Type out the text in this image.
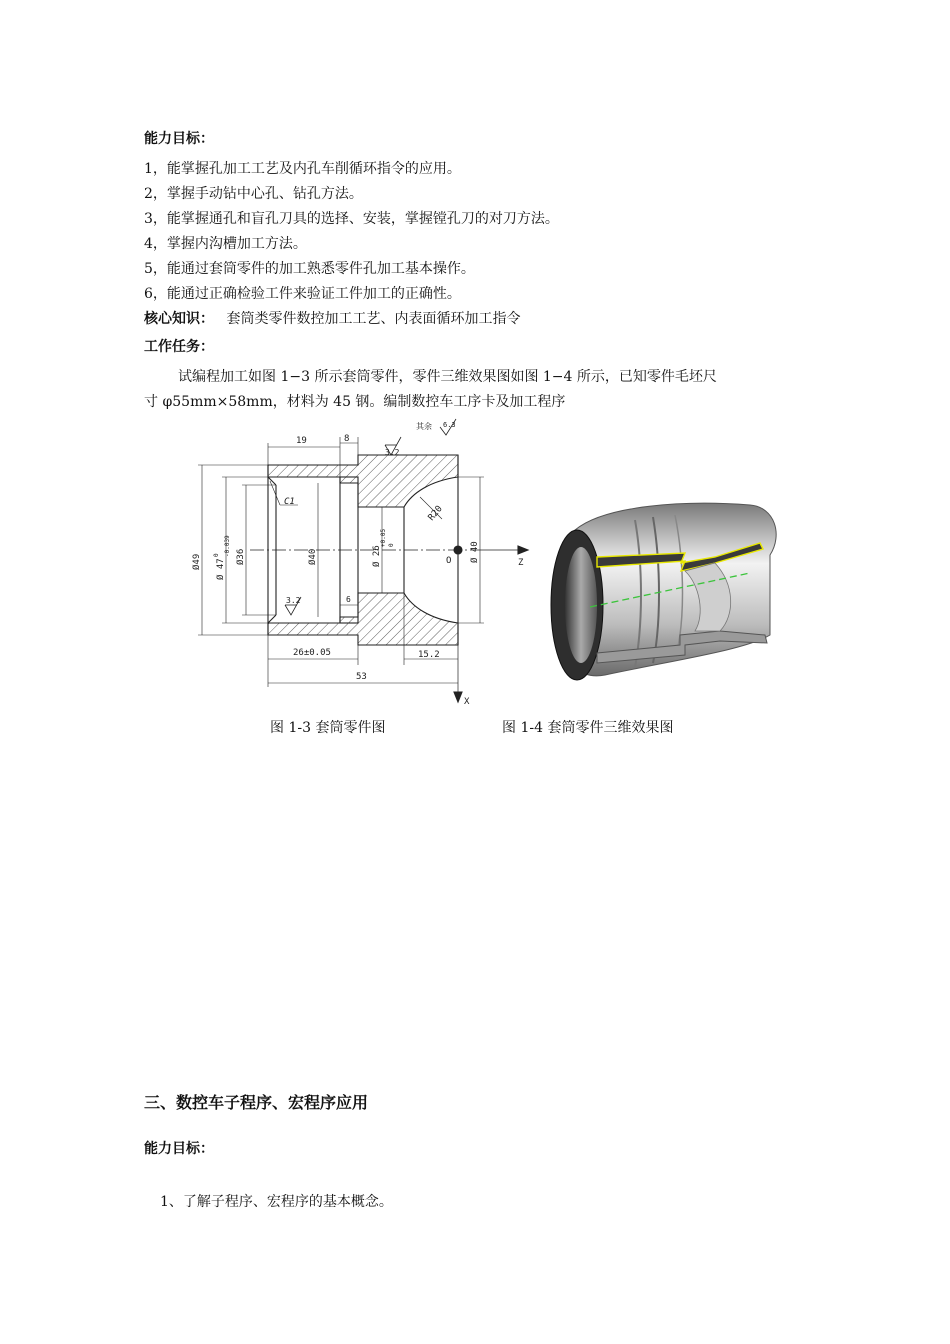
能力目标：
1，能掌握孔加工工艺及内孔车削循环指令的应用。
2，掌握手动钻中心孔、钻孔方法。
3，能掌握通孔和盲孔刀具的选择、安装，掌握镗孔刀的对刀方法。
4，掌握内沟槽加工方法。
5，能通过套筒零件的加工熟悉零件孔加工基本操作。
6，能通过正确检验工件来验证工件加工的正确性。
核心知识： 套筒类零件数控加工工艺、内表面循环加工指令
工作任务：
试编程加工如图 1−3 所示套筒零件，零件三维效果图如图 1−4 所示，已知零件毛坯尺
寸 φ55mm×58mm，材料为 45 钢。编制数控车工序卡及加工程序
19	8
3.2
其余 6.3
C1
R20
Ø49 Ø 47
-0.039
0 Ø36	Ø40	Ø 26
+0.05 0	Ø 40
O	Z
X
3.2	6
26±0.05	15.2
53
图 1-3 套筒零件图	图 1-4 套筒零件三维效果图
三、数控车子程序、宏程序应用
能力目标：
1、了解子程序、宏程序的基本概念。
